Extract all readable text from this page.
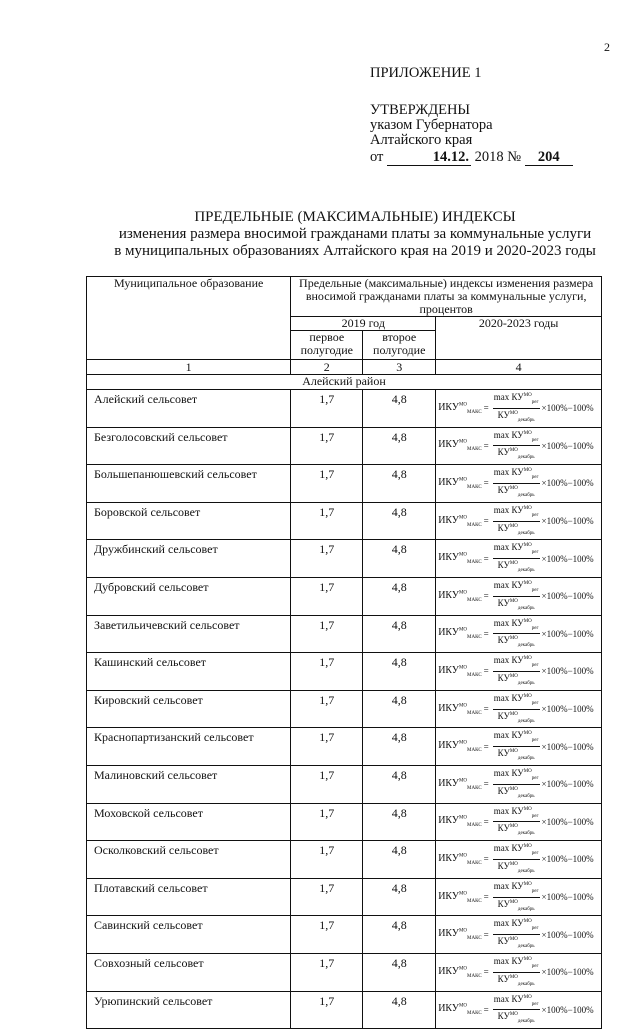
2
ПРИЛОЖЕНИЕ 1
УТВЕРЖДЕНЫ
указом Губернатора
Алтайского края
от	14.12. 2018 № 204
ПРЕДЕЛЬНЫЕ (МАКСИМАЛЬНЫЕ) ИНДЕКСЫ
изменения размера вносимой гражданами платы за коммунальные услуги
в муниципальных образованиях Алтайского края на 2019 и 2020-2023 годы
Муниципальное образование	Предельные (максимальные) индексы изменения размера вносимой гражданами платы за коммунальные услуги, процентов		
	2019 год		2020-2023 годы
	первое полугодие	второе полугодие	
1	2	3	4
Алейский район			
Алейский сельсовет	1,7	4,8	$ИКУ^{МО}_{МАКС} = \frac{\max КУ^{МО}_{рег}}{КУ^{МО}_{декабрь}} \times 100\%-100\%$

Безголосовский сельсовет	1,7	4,8	$ИКУ^{МО}_{МАКС} = \frac{\max КУ^{МО}_{рег}}{КУ^{МО}_{декабрь}} \times 100\%-100\%$

Большепанюшевский сельсовет	1,7	4,8	$ИКУ^{МО}_{МАКС} = \frac{\max КУ^{МО}_{рег}}{КУ^{МО}_{декабрь}} \times 100\%-100\%$

Боровской сельсовет	1,7	4,8	$ИКУ^{МО}_{МАКС} = \frac{\max КУ^{МО}_{рег}}{КУ^{МО}_{декабрь}} \times 100\%-100\%$

Дружбинский сельсовет	1,7	4,8	$ИКУ^{МО}_{МАКС} = \frac{\max КУ^{МО}_{рег}}{КУ^{МО}_{декабрь}} \times 100\%-100\%$

Дубровский сельсовет	1,7	4,8	$ИКУ^{МО}_{МАКС} = \frac{\max КУ^{МО}_{рег}}{КУ^{МО}_{декабрь}} \times 100\%-100\%$

Заветильичевский сельсовет	1,7	4,8	$ИКУ^{МО}_{МАКС} = \frac{\max КУ^{МО}_{рег}}{КУ^{МО}_{декабрь}} \times 100\%-100\%$

Кашинский сельсовет	1,7	4,8	$ИКУ^{МО}_{МАКС} = \frac{\max КУ^{МО}_{рег}}{КУ^{МО}_{декабрь}} \times 100\%-100\%$

Кировский сельсовет	1,7	4,8	$ИКУ^{МО}_{МАКС} = \frac{\max КУ^{МО}_{рег}}{КУ^{МО}_{декабрь}} \times 100\%-100\%$

Краснопартизанский сельсовет	1,7	4,8	$ИКУ^{МО}_{МАКС} = \frac{\max КУ^{МО}_{рег}}{КУ^{МО}_{декабрь}} \times 100\%-100\%$

Малиновский сельсовет	1,7	4,8	$ИКУ^{МО}_{МАКС} = \frac{\max КУ^{МО}_{рег}}{КУ^{МО}_{декабрь}} \times 100\%-100\%$

Моховской сельсовет	1,7	4,8	$ИКУ^{МО}_{МАКС} = \frac{\max КУ^{МО}_{рег}}{КУ^{МО}_{декабрь}} \times 100\%-100\%$

Осколковский сельсовет	1,7	4,8	$ИКУ^{МО}_{МАКС} = \frac{\max КУ^{МО}_{рег}}{КУ^{МО}_{декабрь}} \times 100\%-100\%$

Плотавский сельсовет	1,7	4,8	$ИКУ^{МО}_{МАКС} = \frac{\max КУ^{МО}_{рег}}{КУ^{МО}_{декабрь}} \times 100\%-100\%$

Савинский сельсовет	1,7	4,8	$ИКУ^{МО}_{МАКС} = \frac{\max КУ^{МО}_{рег}}{КУ^{МО}_{декабрь}} \times 100\%-100\%$

Совхозный сельсовет	1,7	4,8	$ИКУ^{МО}_{МАКС} = \frac{\max КУ^{МО}_{рег}}{КУ^{МО}_{декабрь}} \times 100\%-100\%$

Урюпинский сельсовет	1,7	4,8	$ИКУ^{МО}_{МАКС} = \frac{\max КУ^{МО}_{рег}}{КУ^{МО}_{декабрь}} \times 100\%-100\%$
